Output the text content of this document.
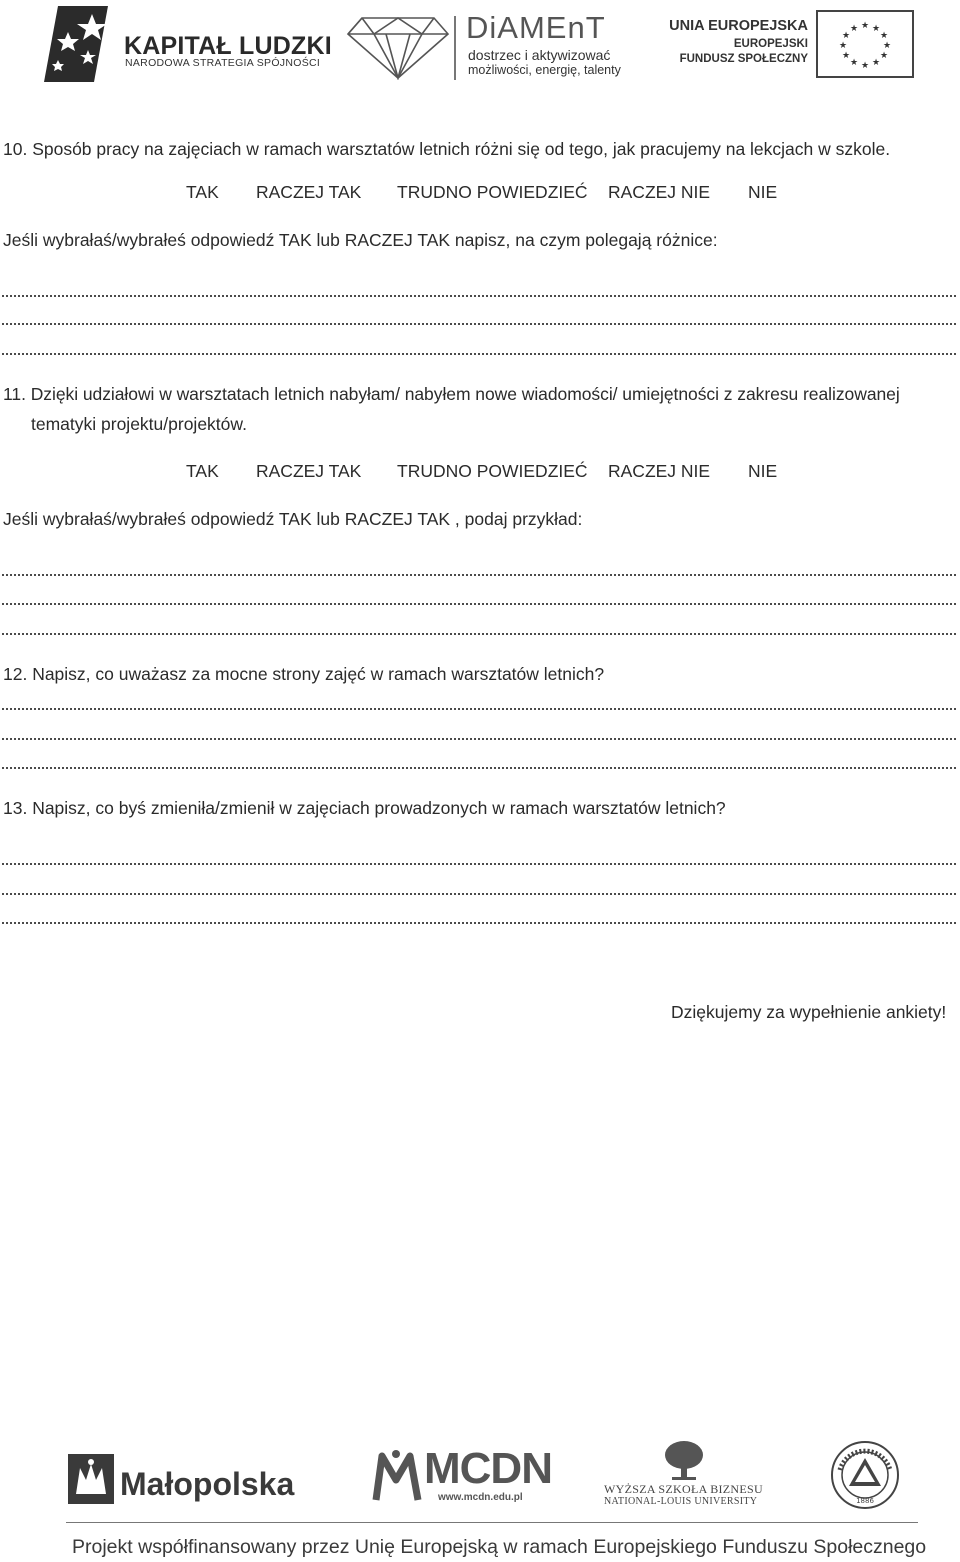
KAPITAŁ LUDZKI
NARODOWA STRATEGIA SPÓJNOŚCI
DiAMEnT
dostrzec i aktywizować
możliwości, energię, talenty
UNIA EUROPEJSKA
EUROPEJSKI
FUNDUSZ SPOŁECZNY
★ ★
★
★
★
★
★
★
★
★
★
★
10. Sposób pracy na zajęciach w ramach warsztatów letnich różni się od tego, jak pracujemy na lekcjach w szkole.
TAK RACZEJ TAK TRUDNO POWIEDZIEĆ RACZEJ NIE NIE
Jeśli wybrałaś/wybrałeś odpowiedź TAK lub RACZEJ TAK napisz, na czym polegają różnice:
11. Dzięki udziałowi w warsztatach letnich nabyłam/ nabyłem nowe wiadomości/ umiejętności z zakresu realizowanej
tematyki projektu/projektów.
TAK RACZEJ TAK TRUDNO POWIEDZIEĆ RACZEJ NIE NIE
Jeśli wybrałaś/wybrałeś odpowiedź TAK lub RACZEJ TAK , podaj przykład:
12. Napisz, co uważasz za mocne strony zajęć w ramach warsztatów letnich?
13. Napisz, co byś zmieniła/zmienił w zajęciach prowadzonych w ramach warsztatów letnich?
Dziękujemy za wypełnienie ankiety!
Małopolska	MCDN
www.mcdn.edu.pl
WYŻSZA SZKOŁA BIZNESU
NATIONAL-LOUIS UNIVERSITY	1886
Projekt współfinansowany przez Unię Europejską w ramach Europejskiego Funduszu Społecznego
